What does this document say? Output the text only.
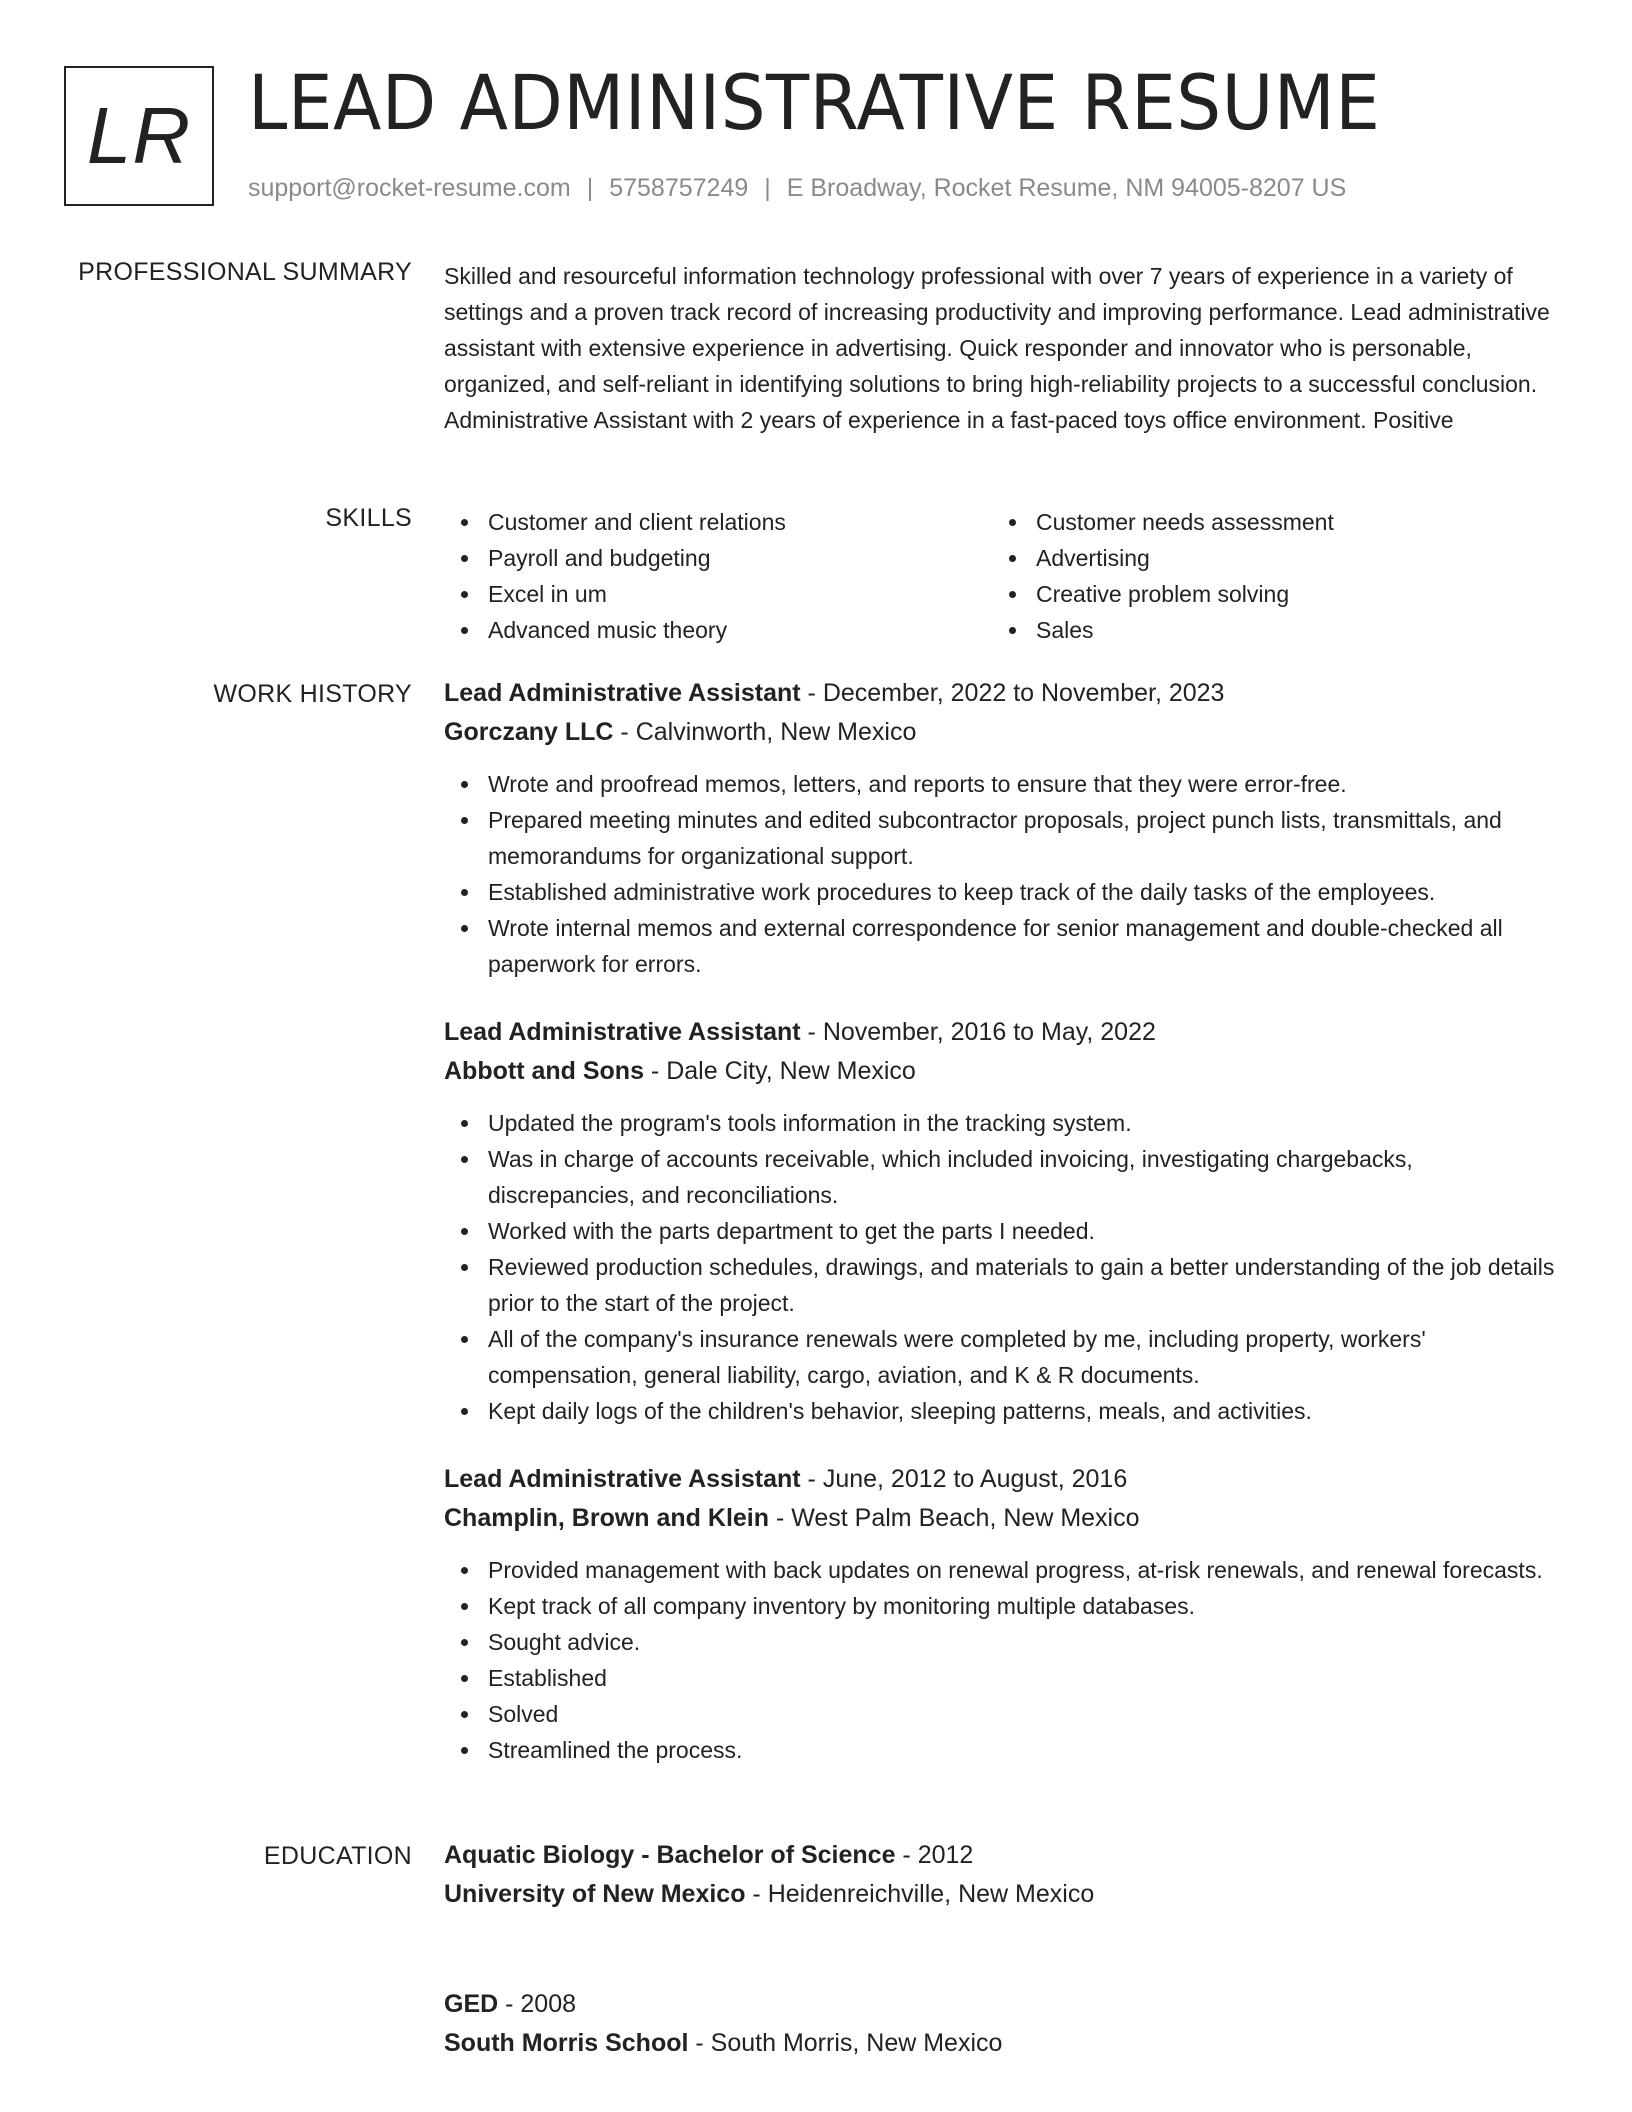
LR LEAD ADMINISTRATIVE RESUME
support@rocket-resume.com | 5758757249 | E Broadway, Rocket Resume, NM 94005-8207 US
PROFESSIONAL SUMMARY Skilled and resourceful information technology professional with over 7 years of experience in a variety of settings and a proven track record of increasing productivity and improving performance. Lead administrative assistant with extensive experience in advertising. Quick responder and innovator who is personable, organized, and self-reliant in identifying solutions to bring high-reliability projects to a successful conclusion. Administrative Assistant with 2 years of experience in a fast-paced toys office environment. Positive

SKILLS	Customer and client relations
Payroll and budgeting
Excel in um
Advanced music theory
Customer needs assessment
Advertising
Creative problem solving
Sales
WORK HISTORY Lead Administrative Assistant - December, 2022 to November, 2023
Gorczany LLC - Calvinworth, New Mexico
Wrote and proofread memos, letters, and reports to ensure that they were error-free.
Prepared meeting minutes and edited subcontractor proposals, project punch lists, transmittals, and memorandums for organizational support.
Established administrative work procedures to keep track of the daily tasks of the employees.
Wrote internal memos and external correspondence for senior management and double-checked all paperwork for errors.
Lead Administrative Assistant - November, 2016 to May, 2022
Abbott and Sons - Dale City, New Mexico
Updated the program's tools information in the tracking system.
Was in charge of accounts receivable, which included invoicing, investigating chargebacks, discrepancies, and reconciliations.
Worked with the parts department to get the parts I needed.
Reviewed production schedules, drawings, and materials to gain a better understanding of the job details prior to the start of the project.
All of the company's insurance renewals were completed by me, including property, workers' compensation, general liability, cargo, aviation, and K & R documents.
Kept daily logs of the children's behavior, sleeping patterns, meals, and activities.
Lead Administrative Assistant - June, 2012 to August, 2016
Champlin, Brown and Klein - West Palm Beach, New Mexico
Provided management with back updates on renewal progress, at-risk renewals, and renewal forecasts.
Kept track of all company inventory by monitoring multiple databases.
Sought advice.
Established
Solved
Streamlined the process.
EDUCATION Aquatic Biology - Bachelor of Science - 2012
University of New Mexico - Heidenreichville, New Mexico
GED - 2008
South Morris School - South Morris, New Mexico
